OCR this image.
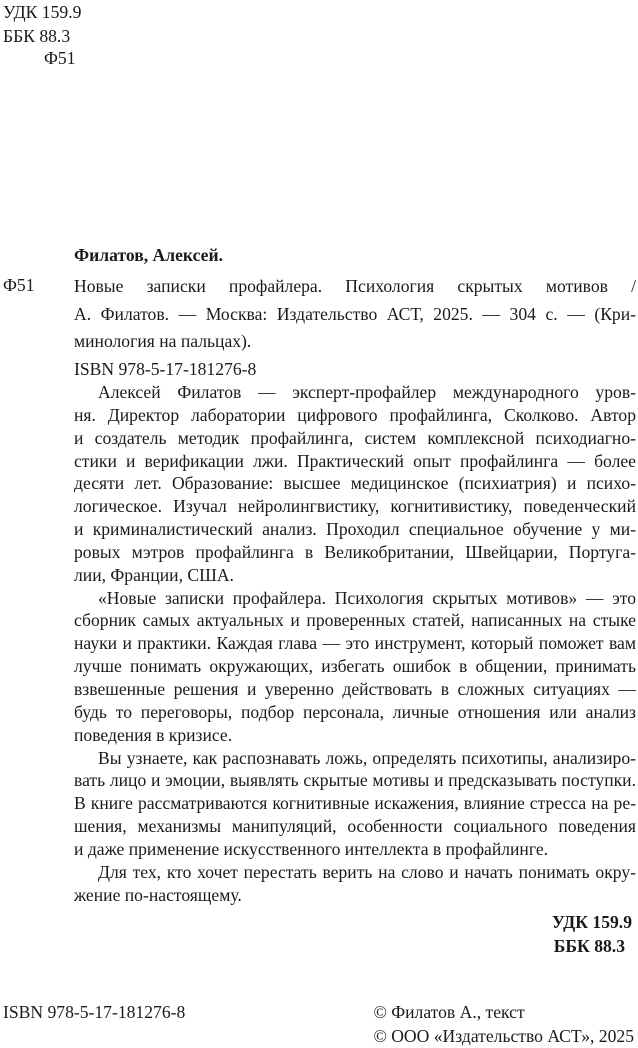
УДК 159.9
ББК 88.3
Ф51
Филатов, Алексей.
Ф51 Новые записки профайлера. Психология скрытых мотивов /
А. Филатов. — Москва: Издательство АСТ, 2025. — 304 с. — (Кри-
минология на пальцах).
ISBN 978-5-17-181276-8
Алексей Филатов — эксперт-профайлер международного уров-
ня. Директор лаборатории цифрового профайлинга, Сколково. Автор
и создатель методик профайлинга, систем комплексной психодиагно-
стики и верификации лжи. Практический опыт профайлинга — более
десяти лет. Образование: высшее медицинское (психиатрия) и психо-
логическое. Изучал нейролингвистику, когнитивистику, поведенческий
и криминалистический анализ. Проходил специальное обучение у ми-
ровых мэтров профайлинга в Великобритании, Швейцарии, Португа-
лии, Франции, США.
«Новые записки профайлера. Психология скрытых мотивов» — это
сборник самых актуальных и проверенных статей, написанных на стыке
науки и практики. Каждая глава — это инструмент, который поможет вам
лучше понимать окружающих, избегать ошибок в общении, принимать
взвешенные решения и уверенно действовать в сложных ситуациях —
будь то переговоры, подбор персонала, личные отношения или анализ
поведения в кризисе.
Вы узнаете, как распознавать ложь, определять психотипы, анализиро-
вать лицо и эмоции, выявлять скрытые мотивы и предсказывать поступки.
В книге рассматриваются когнитивные искажения, влияние стресса на ре-
шения, механизмы манипуляций, особенности социального поведения
и даже применение искусственного интеллекта в профайлинге.
Для тех, кто хочет перестать верить на слово и начать понимать окру-
жение по-настоящему.
УДК 159.9
ББК 88.3
ISBN 978-5-17-181276-8	© Филатов А., текст
© ООО «Издательство АСТ», 2025
